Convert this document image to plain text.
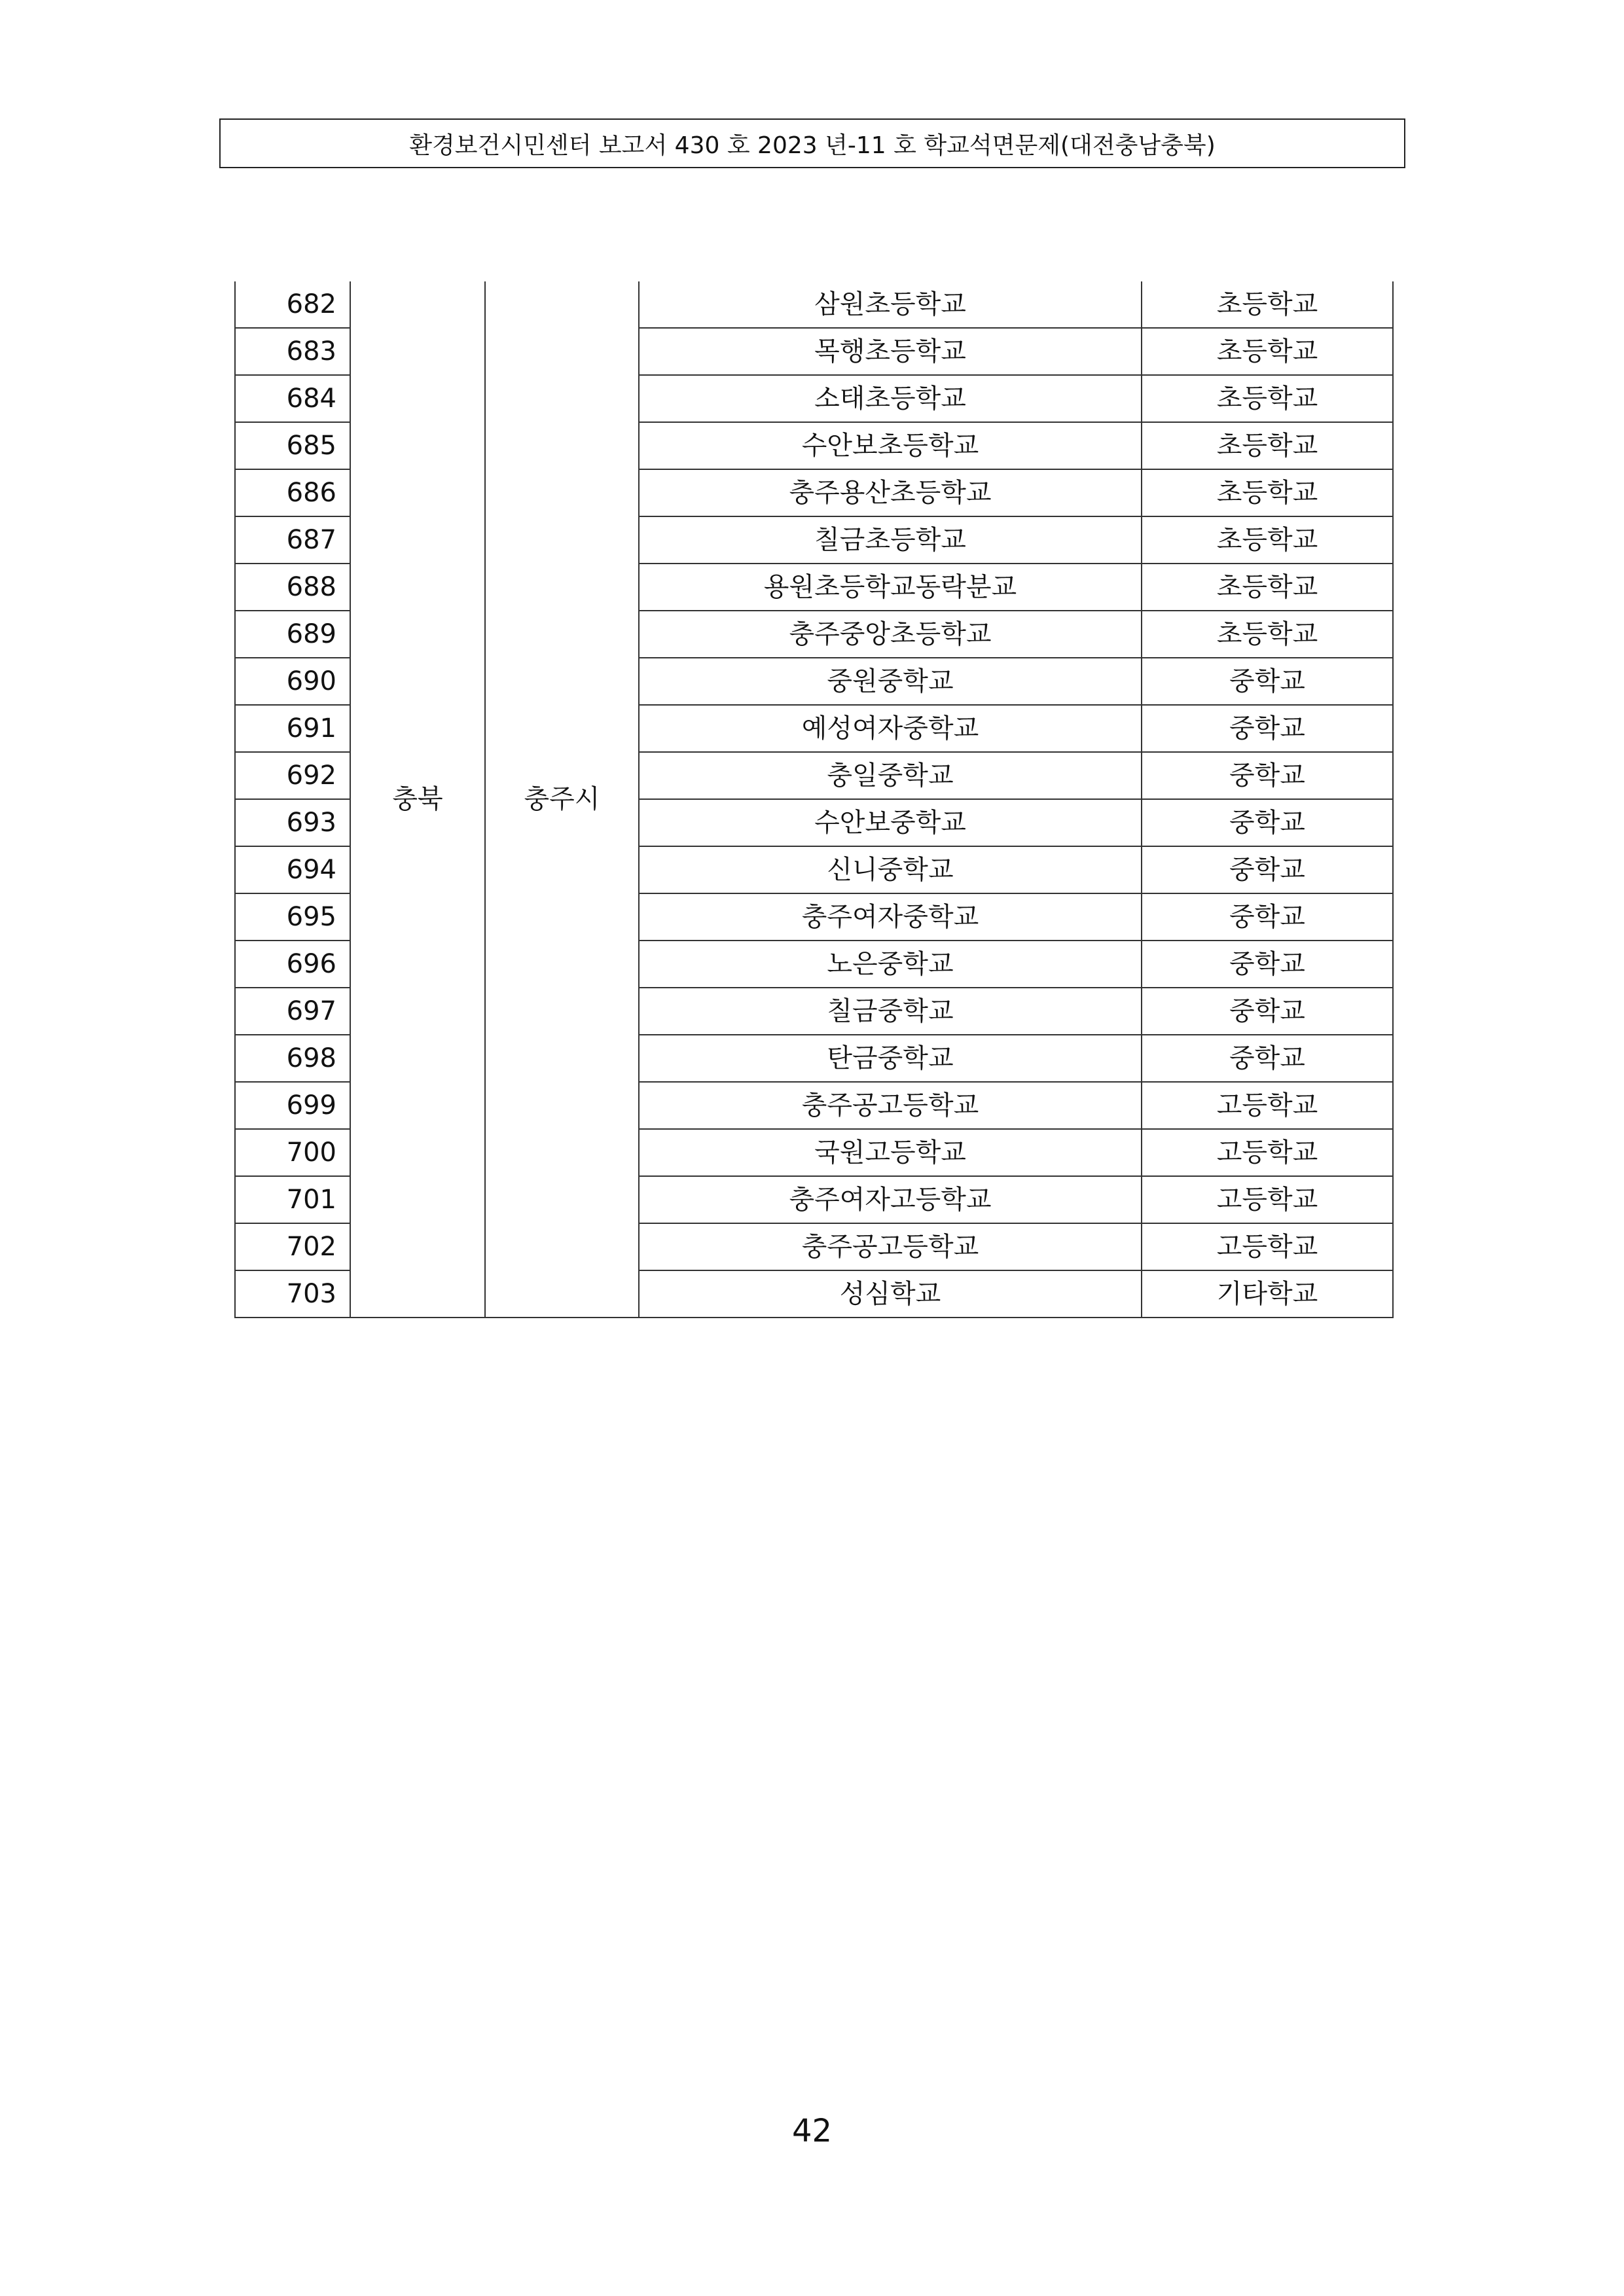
환경보건시민센터 보고서 430 호 2023 년-11 호 학교석면문제(대전충남충북)
682	충북	충주시	삼원초등학교	초등학교
683			목행초등학교	초등학교
684			소태초등학교	초등학교
685			수안보초등학교	초등학교
686			충주용산초등학교	초등학교
687			칠금초등학교	초등학교
688			용원초등학교동락분교	초등학교
689			충주중앙초등학교	초등학교
690			중원중학교	중학교
691			예성여자중학교	중학교
692			충일중학교	중학교
693			수안보중학교	중학교
694			신니중학교	중학교
695			충주여자중학교	중학교
696			노은중학교	중학교
697			칠금중학교	중학교
698			탄금중학교	중학교
699			충주공고등학교	고등학교
700			국원고등학교	고등학교
701			충주여자고등학교	고등학교
702			충주공고등학교	고등학교
703			성심학교	기타학교
42
